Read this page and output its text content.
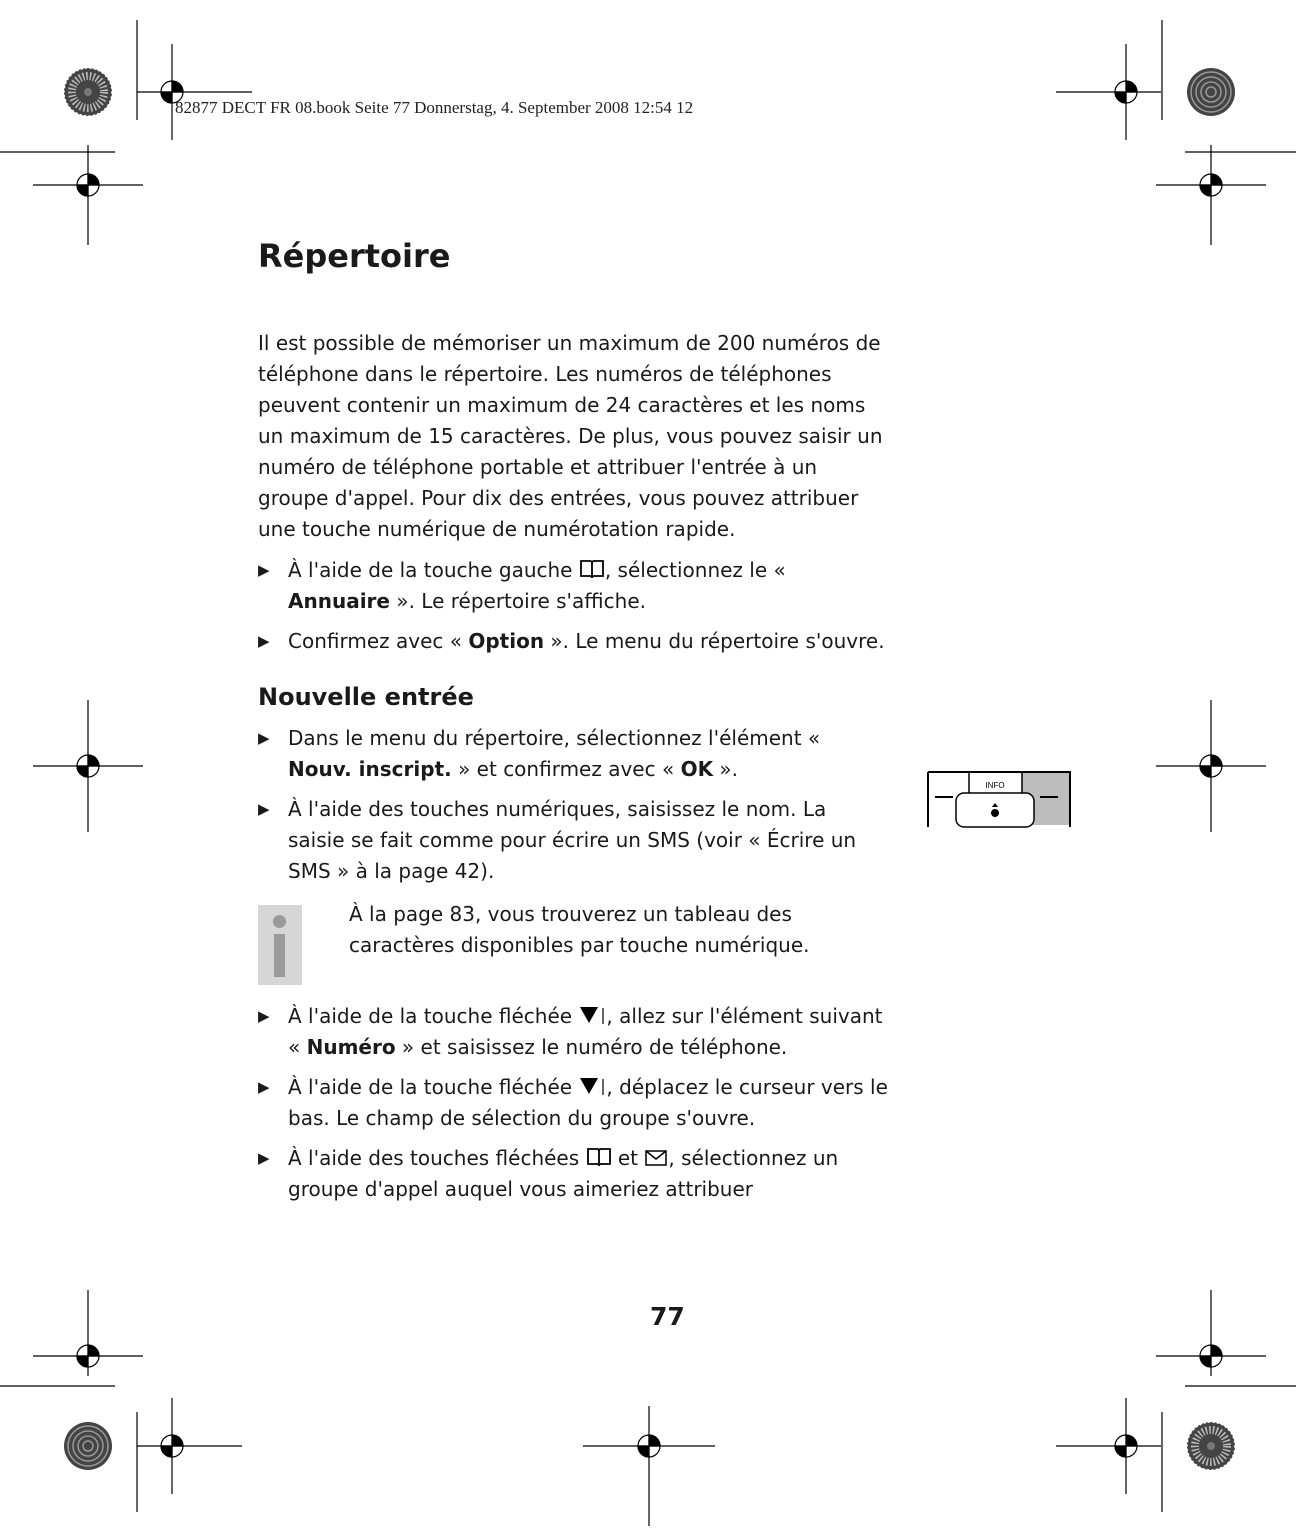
82877 DECT FR 08.book Seite 77 Donnerstag, 4. September 2008 12:54 12
Répertoire

Il est possible de mémoriser un maximum de 200 numéros de téléphone dans le répertoire. Les numéros de téléphones peuvent contenir un maximum de 24 caractères et les noms un maximum de 15 caractères. De plus, vous pouvez saisir un numéro de téléphone portable et attribuer l'entrée à un groupe d'appel. Pour dix des entrées, vous pouvez attribuer une touche numérique de numérotation rapide.

▶ À l'aide de la touche gauche , sélectionnez le « Annuaire ». Le répertoire s'affiche.
▶ Confirmez avec « Option ». Le menu du répertoire s'ouvre.
Nouvelle entrée
▶ Dans le menu du répertoire, sélectionnez l'élément « Nouv. inscript. » et confirmez avec « OK ».
▶ À l'aide des touches numériques, saisissez le nom. La saisie se fait comme pour écrire un SMS (voir « Écrire un SMS » à la page 42).
À la page 83, vous trouverez un tableau des caractères disponibles par touche numérique.
▶ À l'aide de la touche fléchée , allez sur l'élément suivant « Numéro » et saisissez le numéro de téléphone.
▶ À l'aide de la touche fléchée , déplacez le curseur vers le bas. Le champ de sélection du groupe s'ouvre.
▶ À l'aide des touches fléchées  et , sélectionnez un groupe d'appel auquel vous aimeriez attribuer
INFO
77
